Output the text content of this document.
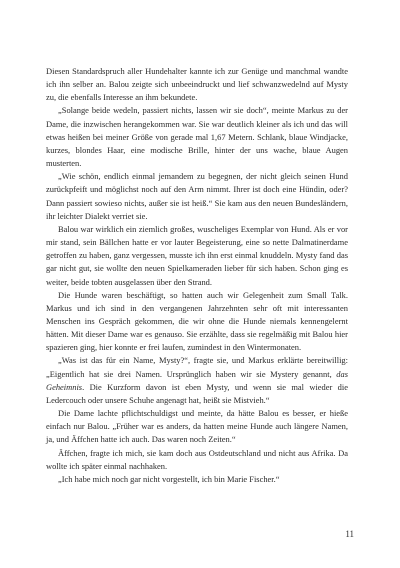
Diesen Standardspruch aller Hundehalter kannte ich zur Genüge und manchmal wandte ich ihn selber an. Balou zeigte sich unbeeindruckt und lief schwanzwedelnd auf Mysty zu, die ebenfalls Interesse an ihm bekundete.

„Solange beide wedeln, passiert nichts, lassen wir sie doch“, meinte Markus zu der Dame, die inzwischen herangekommen war. Sie war deutlich kleiner als ich und das will etwas heißen bei meiner Größe von gerade mal 1,67 Metern. Schlank, blaue Windjacke, kurzes, blondes Haar, eine modische Brille, hinter der uns wache, blaue Augen musterten.

„Wie schön, endlich einmal jemandem zu begegnen, der nicht gleich seinen Hund zurückpfeift und möglichst noch auf den Arm nimmt. Ihrer ist doch eine Hündin, oder? Dann passiert sowieso nichts, außer sie ist heiß.“ Sie kam aus den neuen Bundesländern, ihr leichter Dialekt verriet sie.

Balou war wirklich ein ziemlich großes, wuscheliges Exemplar von Hund. Als er vor mir stand, sein Bällchen hatte er vor lauter Begeisterung, eine so nette Dalmatinerdame getroffen zu haben, ganz vergessen, musste ich ihn erst einmal knuddeln. Mysty fand das gar nicht gut, sie wollte den neuen Spielkameraden lieber für sich haben. Schon ging es weiter, beide tobten ausgelassen über den Strand.

Die Hunde waren beschäftigt, so hatten auch wir Gelegenheit zum Small Talk. Markus und ich sind in den vergangenen Jahrzehnten sehr oft mit interessanten Menschen ins Gespräch gekommen, die wir ohne die Hunde niemals kennengelernt hätten. Mit dieser Dame war es genauso. Sie erzählte, dass sie regelmäßig mit Balou hier spazieren ging, hier konnte er frei laufen, zumindest in den Wintermonaten.

„Was ist das für ein Name, Mysty?“, fragte sie, und Markus erklärte bereitwillig: „Eigentlich hat sie drei Namen. Ursprünglich haben wir sie Mystery genannt, das Geheimnis. Die Kurzform davon ist eben Mysty, und wenn sie mal wieder die Ledercouch oder unsere Schuhe angenagt hat, heißt sie Mistvieh.“

Die Dame lachte pflichtschuldigst und meinte, da hätte Balou es besser, er hieße einfach nur Balou. „Früher war es anders, da hatten meine Hunde auch längere Namen, ja, und Äffchen hatte ich auch. Das waren noch Zeiten.“

Äffchen, fragte ich mich, sie kam doch aus Ostdeutschland und nicht aus Afrika. Da wollte ich später einmal nachhaken.

„Ich habe mich noch gar nicht vorgestellt, ich bin Marie Fischer.“

11
